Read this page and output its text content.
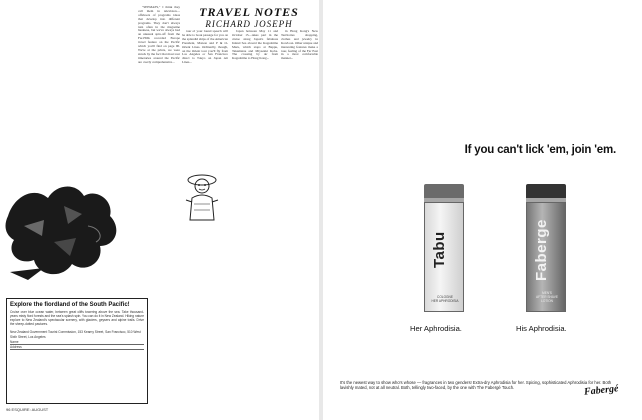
TRAVEL NOTES
RICHARD JOSEPH

"SEEMAPS," I think they call them in television—offshoots of programs ideas that develop into different programs. They don't always turn often in the magazine business, but we've always had an unusual spin-off from the Far-Hills recorded Europe travel feature on the Pacific which you'll find on page 90. We're at the prints, we were struck by the fact that most tour itineraries around the Pacific are overly comprehensive...

tour of your found speech will be able to book passage for you on the splendid ships of the American President, Matson and P & O-Orient Lines. Ordinarily, though, on the Orient tour you'll fly from Los Angeles or San Francisco direct to Tokyo on Japan Air Lines...

Japan between May 11 and October 15—takes part in the cruise along Japan's fabulous Inland Sea aboard the Kagoshima Maru, which stops at Beppu, Takamatsu and Miyazaki Kobe. The crossing by air from Kagoshima to Hong Kong...

in Hong Kong's New Territories shopping, clothes and jewelry in Kowloon. Other unique and interesting features make a tour, feeling of the Far East in a most comfortable manner...

Explore the fiordland of the South Pacific!
Cruise over blue ocean water, between great cliffs towering above the sea. Take thousand-years misty fiord forests and the sea's splash spin. You can do it in New Zealand. Hiking nature explore to New Zealand's spectacular scenery, with glaciers, geysers and alpine trails. Drive the sheep-dotted pastures.
New Zealand Government Tourist Commission, 153 Kearny Street, San Francisco, 510 West Sixth Street, Los Angeles
Name
Address
96 ESQUIRE: AUGUST
If you can't lick 'em, join 'em.
Tabu
COLOGNE
HER APHRODISIA
Faberge
MEN'S
AFTER SHAVE
LOTION
Her Aphrodisia.	His Aphrodisia.
It's the newest way to show who's whose — fragrances in two genders! Extra-dry Aphrodisia for her. Spicing, sophisticated Aphrodisia for her. Both lavishly mated, not at all neutral. Both, tellingly two-faced, by the one with The Fabergé Touch.	Fabergé
